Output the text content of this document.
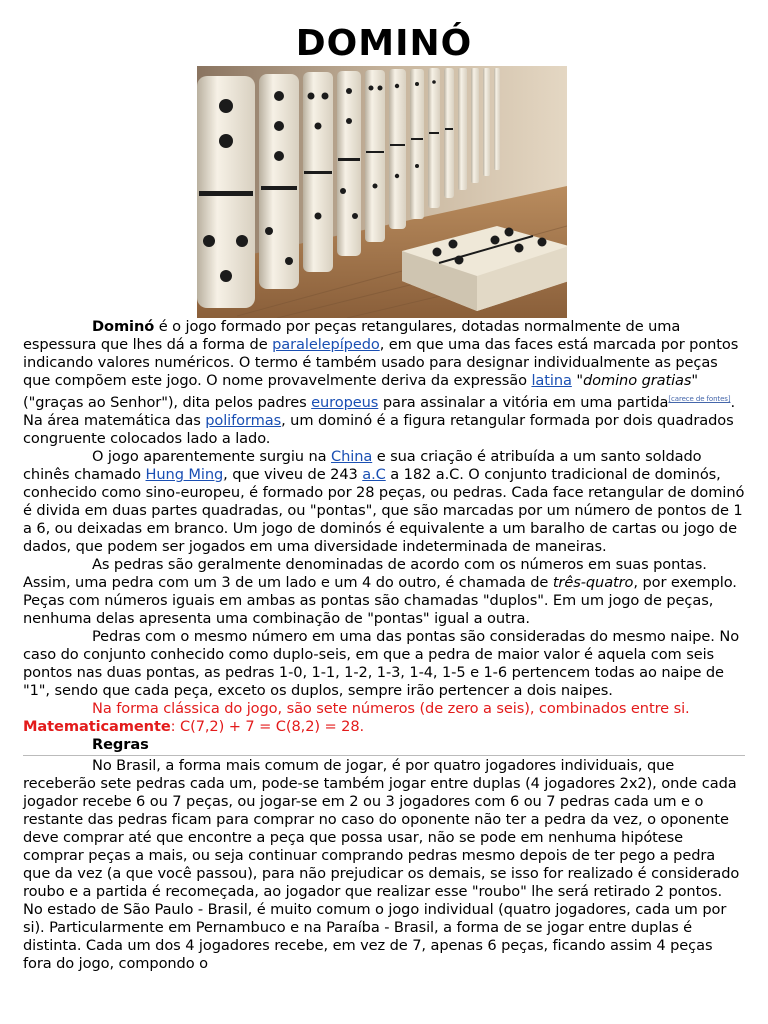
DOMINÓ

Dominó é o jogo formado por peças retangulares, dotadas normalmente de uma espessura que lhes dá a forma de paralelepípedo, em que uma das faces está marcada por pontos indicando valores numéricos. O termo é também usado para designar individualmente as peças que compõem este jogo. O nome provavelmente deriva da expressão latina "domino gratias" ("graças ao Senhor"), dita pelos padres europeus para assinalar a vitória em uma partida[carece de fontes]. Na área matemática das poliformas, um dominó é a figura retangular formada por dois quadrados congruente colocados lado a lado.

O jogo aparentemente surgiu na China e sua criação é atribuída a um santo soldado chinês chamado Hung Ming, que viveu de 243 a.C a 182 a.C. O conjunto tradicional de dominós, conhecido como sino-europeu, é formado por 28 peças, ou pedras. Cada face retangular de dominó é divida em duas partes quadradas, ou "pontas", que são marcadas por um número de pontos de 1 a 6, ou deixadas em branco. Um jogo de dominós é equivalente a um baralho de cartas ou jogo de dados, que podem ser jogados em uma diversidade indeterminada de maneiras.

As pedras são geralmente denominadas de acordo com os números em suas pontas. Assim, uma pedra com um 3 de um lado e um 4 do outro, é chamada de três-quatro, por exemplo. Peças com números iguais em ambas as pontas são chamadas "duplos". Em um jogo de peças, nenhuma delas apresenta uma combinação de "pontas" igual a outra.

Pedras com o mesmo número em uma das pontas são consideradas do mesmo naipe. No caso do conjunto conhecido como duplo-seis, em que a pedra de maior valor é aquela com seis pontos nas duas pontas, as pedras 1-0, 1-1, 1-2, 1-3, 1-4, 1-5 e 1-6 pertencem todas ao naipe de "1", sendo que cada peça, exceto os duplos, sempre irão pertencer a dois naipes.

Na forma clássica do jogo, são sete números (de zero a seis), combinados entre si.

Matematicamente: C(7,2) + 7 = C(8,2) = 28.

Regras

No Brasil, a forma mais comum de jogar, é por quatro jogadores individuais, que receberão sete pedras cada um, pode-se também jogar entre duplas (4 jogadores 2x2), onde cada jogador recebe 6 ou 7 peças, ou jogar-se em 2 ou 3 jogadores com 6 ou 7 pedras cada um e o restante das pedras ficam para comprar no caso do oponente não ter a pedra da vez, o oponente deve comprar até que encontre a peça que possa usar, não se pode em nenhuma hipótese comprar peças a mais, ou seja continuar comprando pedras mesmo depois de ter pego a pedra que da vez (a que você passou), para não prejudicar os demais, se isso for realizado é considerado roubo e a partida é recomeçada, ao jogador que realizar esse "roubo" lhe será retirado 2 pontos. No estado de São Paulo - Brasil, é muito comum o jogo individual (quatro jogadores, cada um por si). Particularmente em Pernambuco e na Paraíba - Brasil, a forma de se jogar entre duplas é distinta. Cada um dos 4 jogadores recebe, em vez de 7, apenas 6 peças, ficando assim 4 peças fora do jogo, compondo o
